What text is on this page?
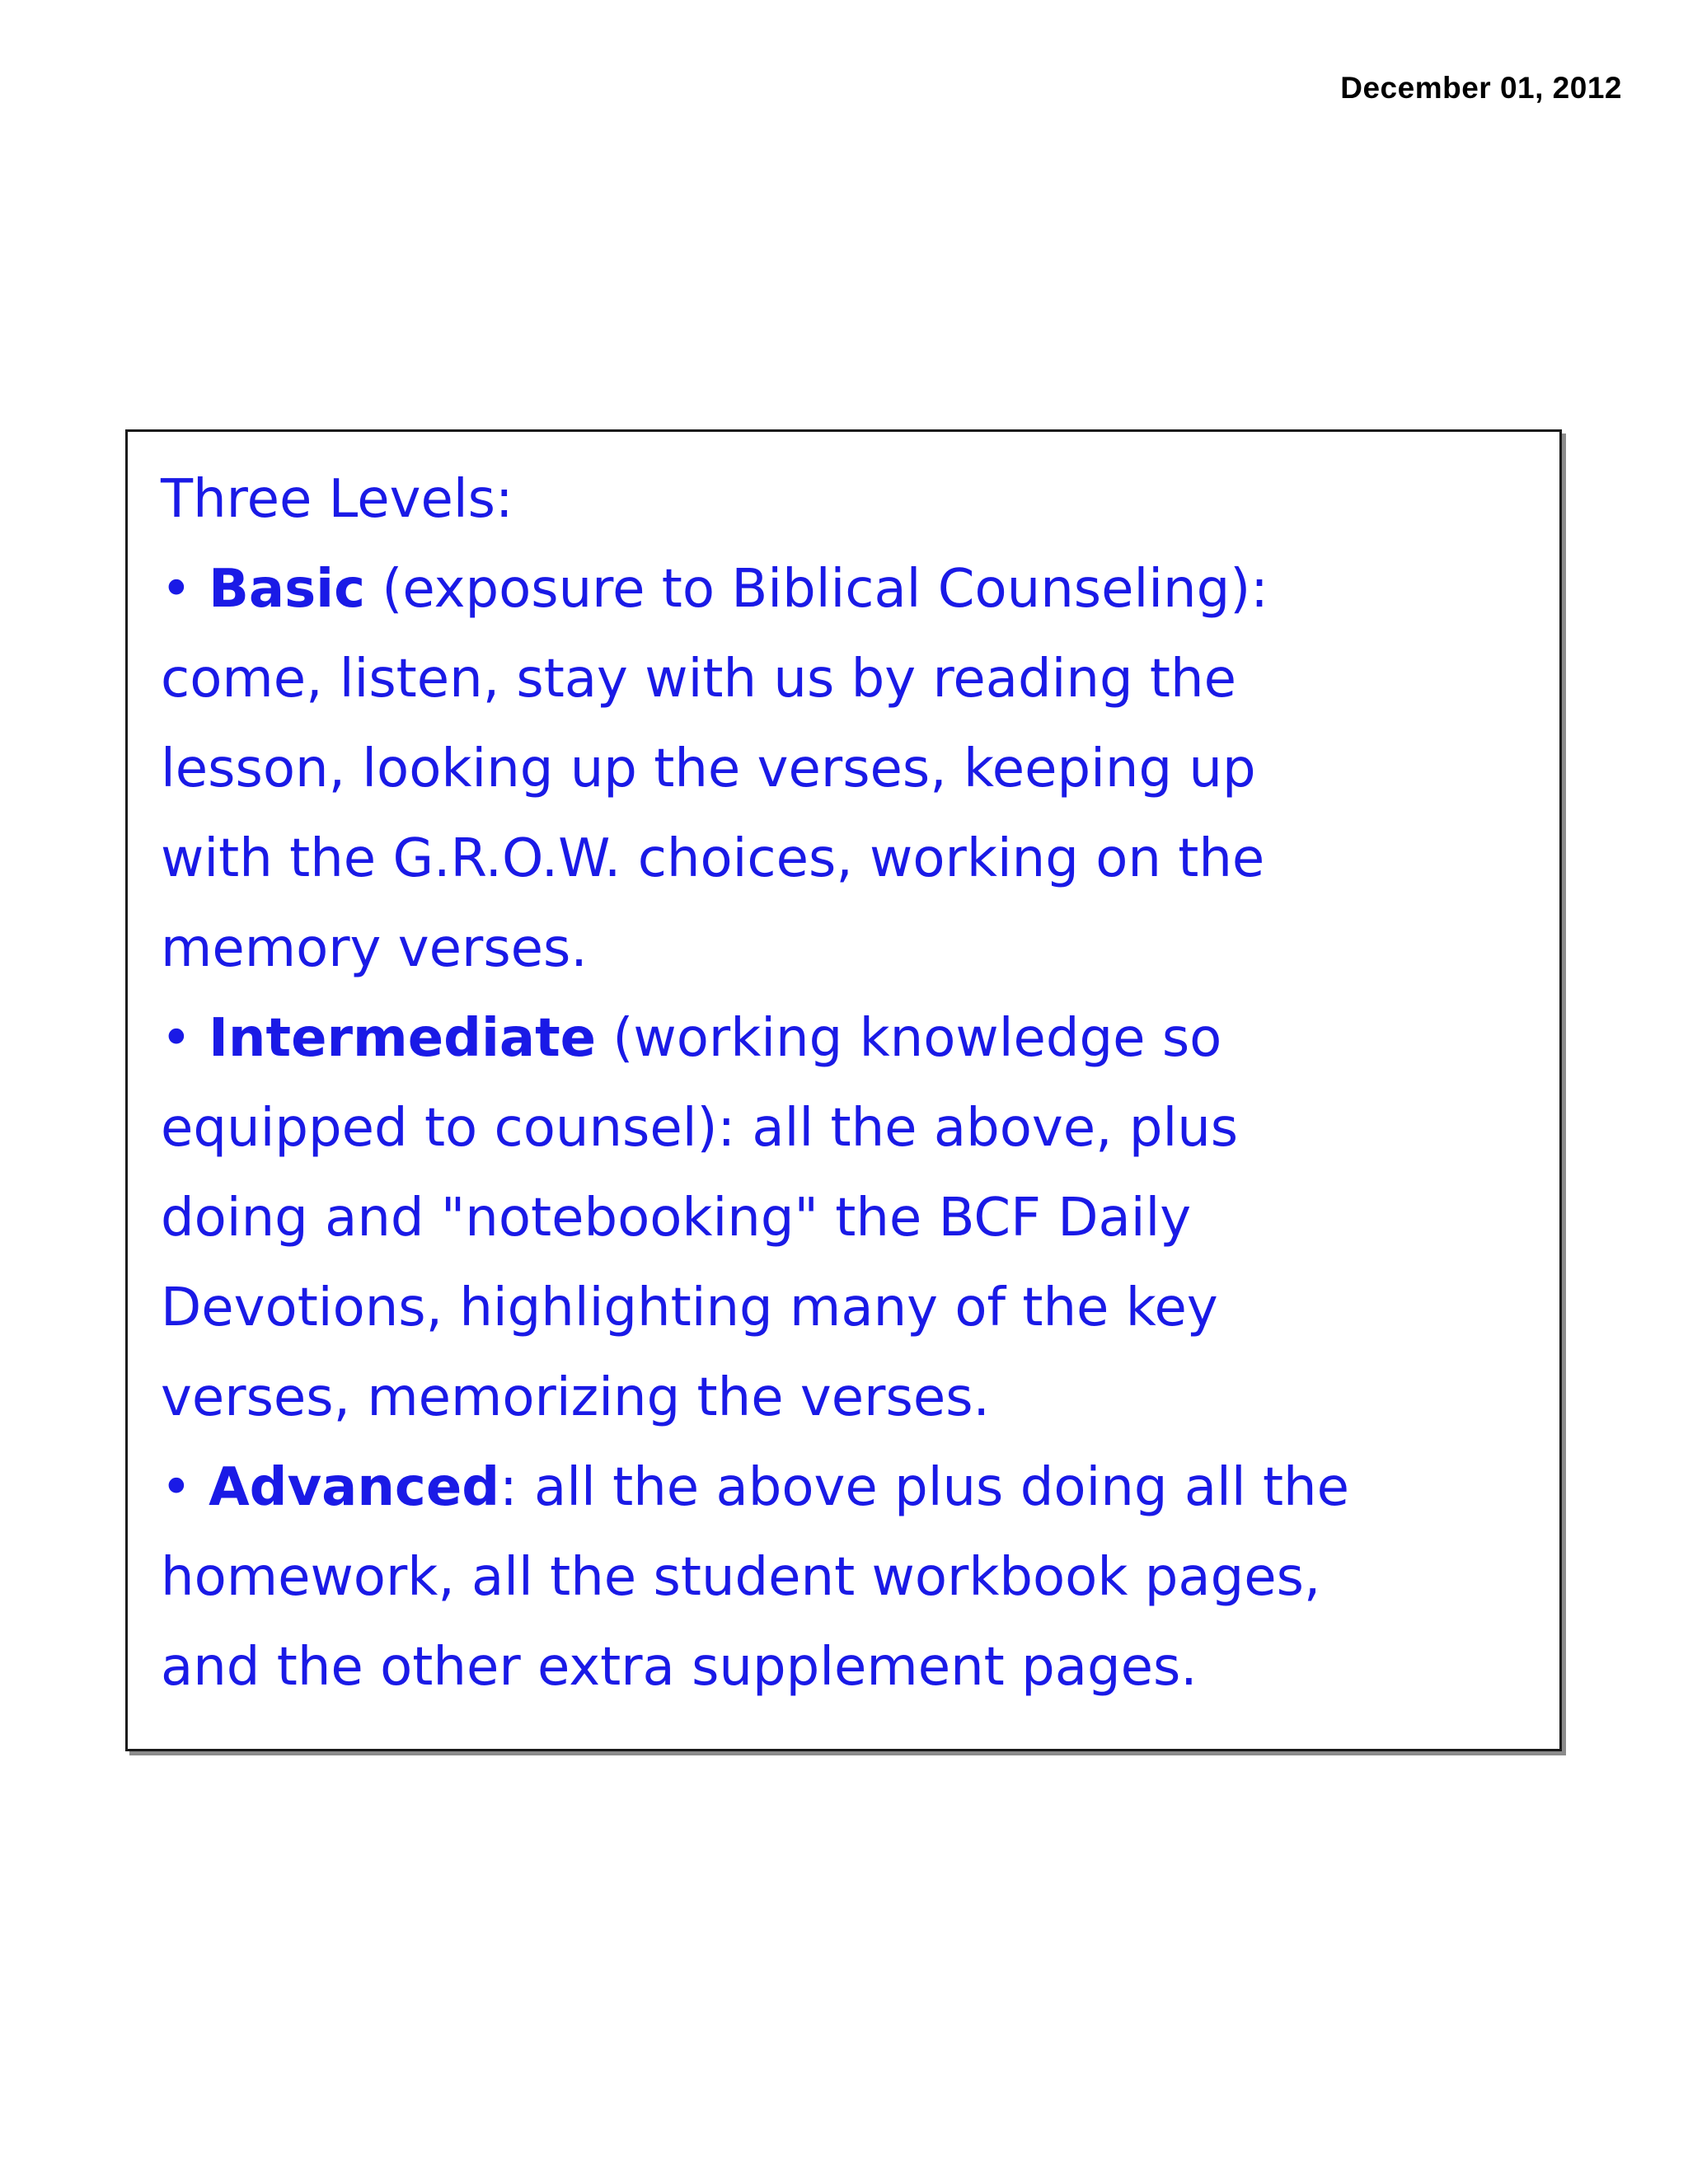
December 01, 2012
Three Levels:
• Basic (exposure to Biblical Counseling):
come, listen, stay with us by reading the
lesson, looking up the verses, keeping up
with the G.R.O.W. choices, working on the
memory verses.
• Intermediate (working knowledge so
equipped to counsel): all the above, plus
doing and "notebooking" the BCF Daily
Devotions, highlighting many of the key
verses, memorizing the verses.
• Advanced: all the above plus doing all the
homework, all the student workbook pages,
and the other extra supplement pages.
